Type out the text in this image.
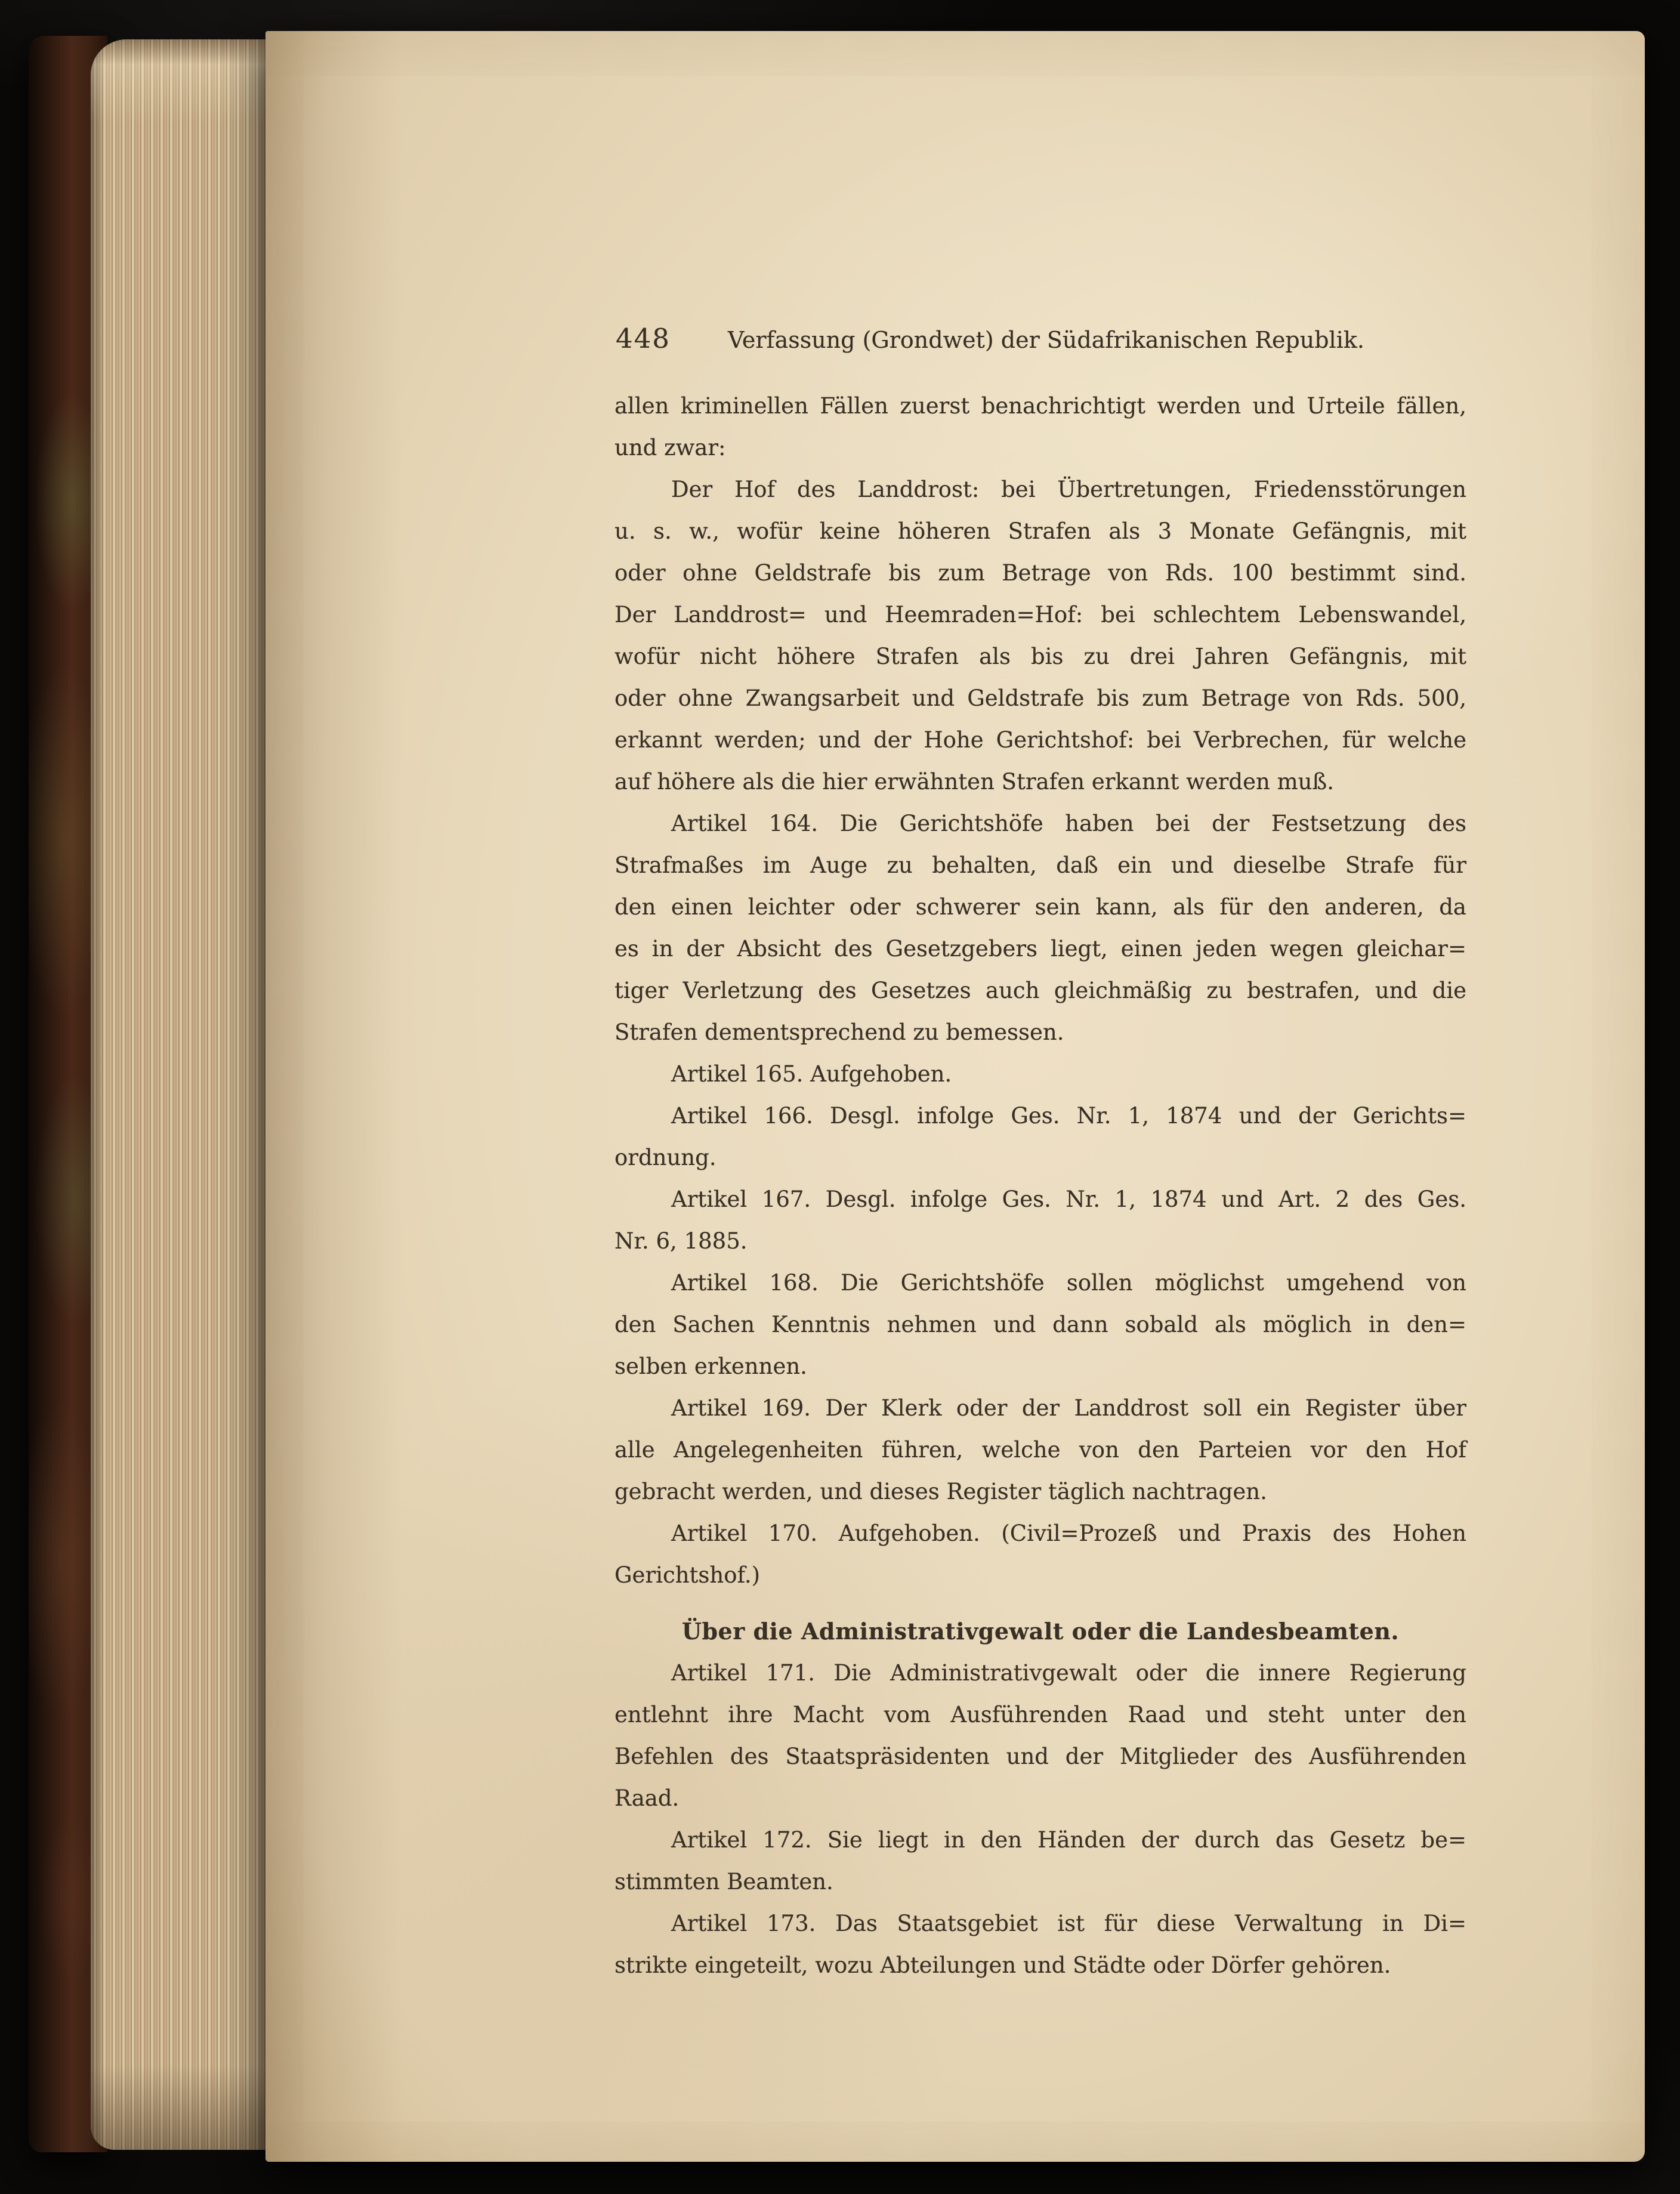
448	Verfassung (Grondwet) der Südafrikanischen Republik.
allen kriminellen Fällen zuerst benachrichtigt werden und Urteile fällen,
und zwar:
Der Hof des Landdrost: bei Übertretungen, Friedensstörungen
u. s. w., wofür keine höheren Strafen als 3 Monate Gefängnis, mit
oder ohne Geldstrafe bis zum Betrage von Rds. 100 bestimmt sind.
Der Landdrost= und Heemraden=Hof: bei schlechtem Lebenswandel,
wofür nicht höhere Strafen als bis zu drei Jahren Gefängnis, mit
oder ohne Zwangsarbeit und Geldstrafe bis zum Betrage von Rds. 500,
erkannt werden; und der Hohe Gerichtshof: bei Verbrechen, für welche
auf höhere als die hier erwähnten Strafen erkannt werden muß.
Artikel 164. Die Gerichtshöfe haben bei der Festsetzung des
Strafmaßes im Auge zu behalten, daß ein und dieselbe Strafe für
den einen leichter oder schwerer sein kann, als für den anderen, da
es in der Absicht des Gesetzgebers liegt, einen jeden wegen gleichar=
tiger Verletzung des Gesetzes auch gleichmäßig zu bestrafen, und die
Strafen dementsprechend zu bemessen.
Artikel 165. Aufgehoben.
Artikel 166. Desgl. infolge Ges. Nr. 1, 1874 und der Gerichts=
ordnung.
Artikel 167. Desgl. infolge Ges. Nr. 1, 1874 und Art. 2 des Ges.
Nr. 6, 1885.
Artikel 168. Die Gerichtshöfe sollen möglichst umgehend von
den Sachen Kenntnis nehmen und dann sobald als möglich in den=
selben erkennen.
Artikel 169. Der Klerk oder der Landdrost soll ein Register über
alle Angelegenheiten führen, welche von den Parteien vor den Hof
gebracht werden, und dieses Register täglich nachtragen.
Artikel 170. Aufgehoben. (Civil=Prozeß und Praxis des Hohen
Gerichtshof.)
Über die Administrativgewalt oder die Landesbeamten.
Artikel 171. Die Administrativgewalt oder die innere Regierung
entlehnt ihre Macht vom Ausführenden Raad und steht unter den
Befehlen des Staatspräsidenten und der Mitglieder des Ausführenden
Raad.
Artikel 172. Sie liegt in den Händen der durch das Gesetz be=
stimmten Beamten.
Artikel 173. Das Staatsgebiet ist für diese Verwaltung in Di=
strikte eingeteilt, wozu Abteilungen und Städte oder Dörfer gehören.
